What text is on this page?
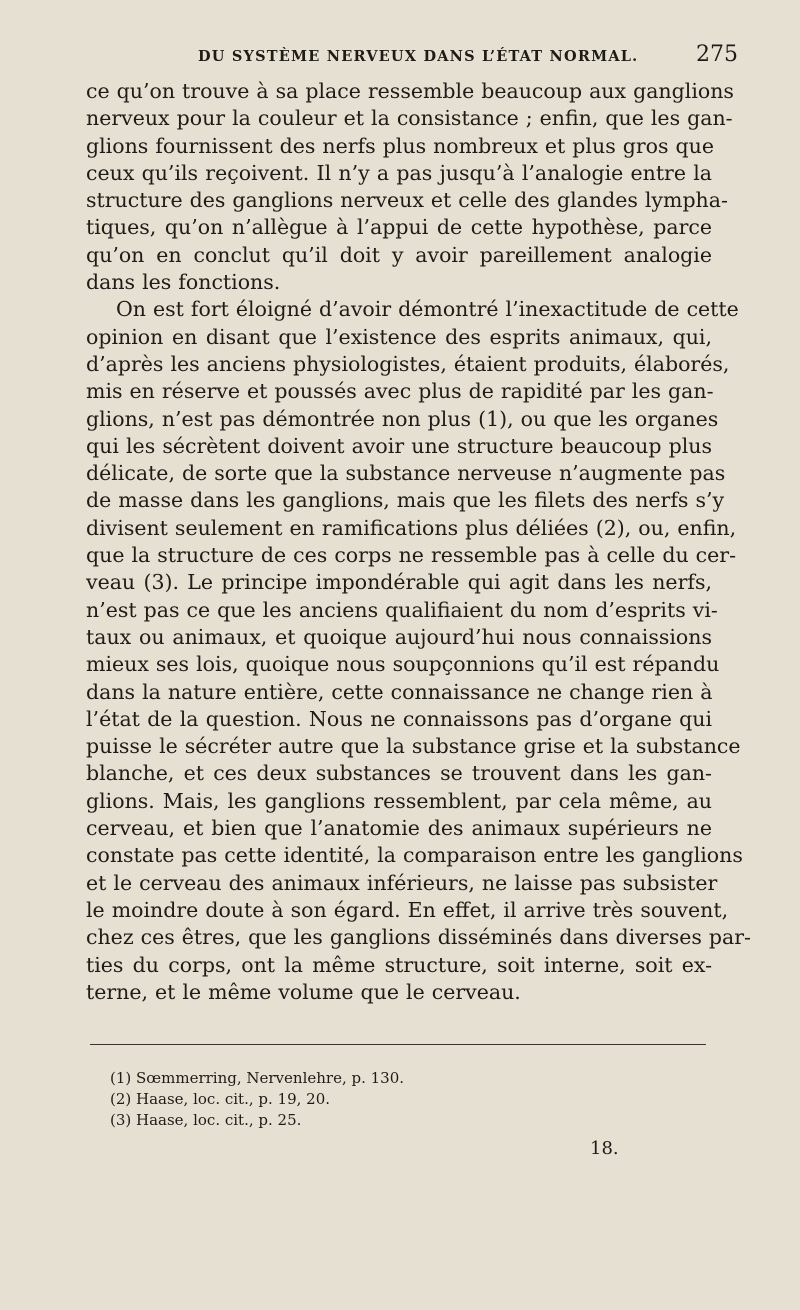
DU SYSTÈME NERVEUX DANS L’ÉTAT NORMAL.	275
ce qu’on trouve à sa place ressemble beaucoup aux ganglions
nerveux pour la couleur et la consistance ; enfin, que les gan-
glions fournissent des nerfs plus nombreux et plus gros que
ceux qu’ils reçoivent. Il n’y a pas jusqu’à l’analogie entre la
structure des ganglions nerveux et celle des glandes lympha-
tiques, qu’on n’allègue à l’appui de cette hypothèse, parce
qu’on en conclut qu’il doit y avoir pareillement analogie
dans les fonctions.
On est fort éloigné d’avoir démontré l’inexactitude de cette
opinion en disant que l’existence des esprits animaux, qui,
d’après les anciens physiologistes, étaient produits, élaborés,
mis en réserve et poussés avec plus de rapidité par les gan-
glions, n’est pas démontrée non plus (1), ou que les organes
qui les sécrètent doivent avoir une structure beaucoup plus
délicate, de sorte que la substance nerveuse n’augmente pas
de masse dans les ganglions, mais que les filets des nerfs s’y
divisent seulement en ramifications plus déliées (2), ou, enfin,
que la structure de ces corps ne ressemble pas à celle du cer-
veau (3). Le principe impondérable qui agit dans les nerfs,
n’est pas ce que les anciens qualifiaient du nom d’esprits vi-
taux ou animaux, et quoique aujourd’hui nous connaissions
mieux ses lois, quoique nous soupçonnions qu’il est répandu
dans la nature entière, cette connaissance ne change rien à
l’état de la question. Nous ne connaissons pas d’organe qui
puisse le sécréter autre que la substance grise et la substance
blanche, et ces deux substances se trouvent dans les gan-
glions. Mais, les ganglions ressemblent, par cela même, au
cerveau, et bien que l’anatomie des animaux supérieurs ne
constate pas cette identité, la comparaison entre les ganglions
et le cerveau des animaux inférieurs, ne laisse pas subsister
le moindre doute à son égard. En effet, il arrive très souvent,
chez ces êtres, que les ganglions disséminés dans diverses par-
ties du corps, ont la même structure, soit interne, soit ex-
terne, et le même volume que le cerveau.
(1) Sœmmerring, Nervenlehre, p. 130.
(2) Haase, loc. cit., p. 19, 20.
(3) Haase, loc. cit., p. 25.
18.
